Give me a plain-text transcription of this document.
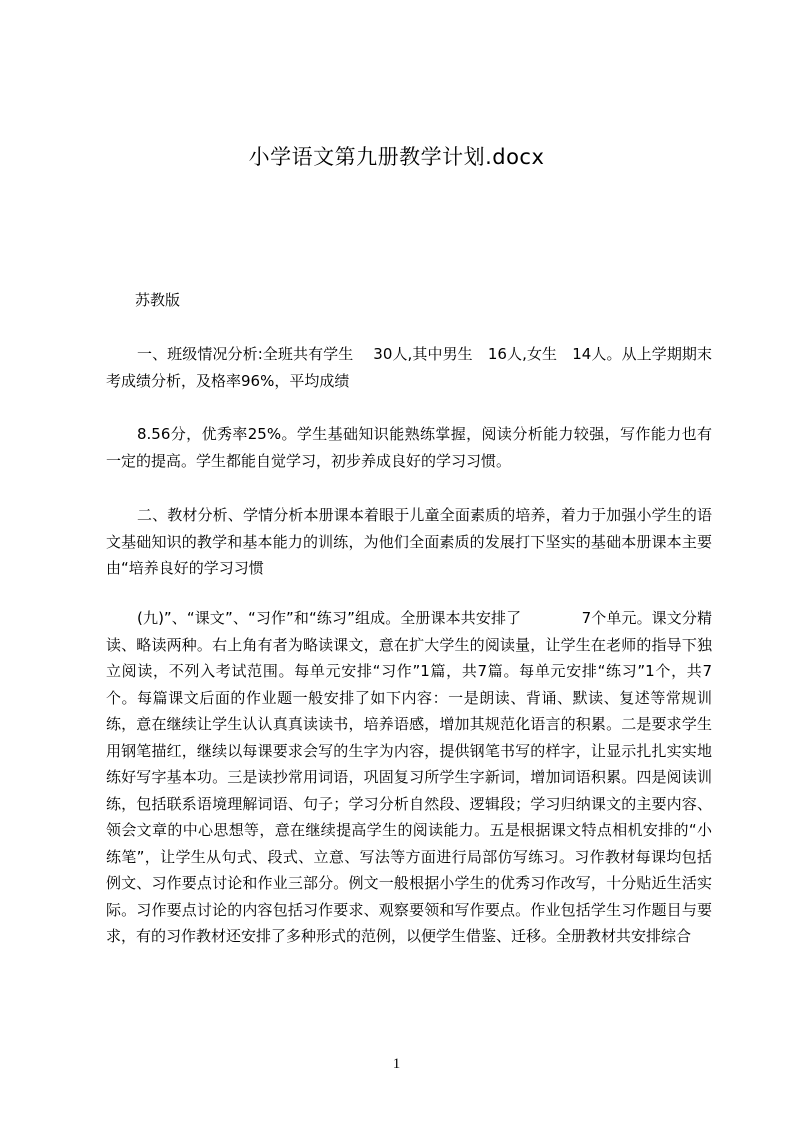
小学语文第九册教学计划.docx
苏教版

一、班级情况分析:全班共有学生　 30人,其中男生　16人,女生　14人。从上学期期末考成绩分析，及格率96%，平均成绩

8.56分，优秀率25%。学生基础知识能熟练掌握，阅读分析能力较强，写作能力也有一定的提高。学生都能自觉学习，初步养成良好的学习习惯。

二、教材分析、学情分析本册课本着眼于儿童全面素质的培养，着力于加强小学生的语文基础知识的教学和基本能力的训练，为他们全面素质的发展打下坚实的基础本册课本主要由“培养良好的学习习惯

(九)”、“课文”、“习作”和“练习”组成。全册课本共安排了　　　　7个单元。课文分精读、略读两种。右上角有者为略读课文，意在扩大学生的阅读量，让学生在老师的指导下独立阅读，不列入考试范围。每单元安排“习作”1篇，共7篇。每单元安排“练习”1个，共7个。每篇课文后面的作业题一般安排了如下内容：一是朗读、背诵、默读、复述等常规训练，意在继续让学生认认真真读读书，培养语感，增加其规范化语言的积累。二是要求学生用钢笔描红，继续以每课要求会写的生字为内容，提供钢笔书写的样字，让显示扎扎实实地练好写字基本功。三是读抄常用词语，巩固复习所学生字新词，增加词语积累。四是阅读训练，包括联系语境理解词语、句子；学习分析自然段、逻辑段；学习归纳课文的主要内容、领会文章的中心思想等，意在继续提高学生的阅读能力。五是根据课文特点相机安排的“小练笔”，让学生从句式、段式、立意、写法等方面进行局部仿写练习。习作教材每课均包括例文、习作要点讨论和作业三部分。例文一般根据小学生的优秀习作改写，十分贴近生活实际。习作要点讨论的内容包括习作要求、观察要领和写作要点。作业包括学生习作题目与要求，有的习作教材还安排了多种形式的范例，以便学生借鉴、迁移。全册教材共安排综合

1
